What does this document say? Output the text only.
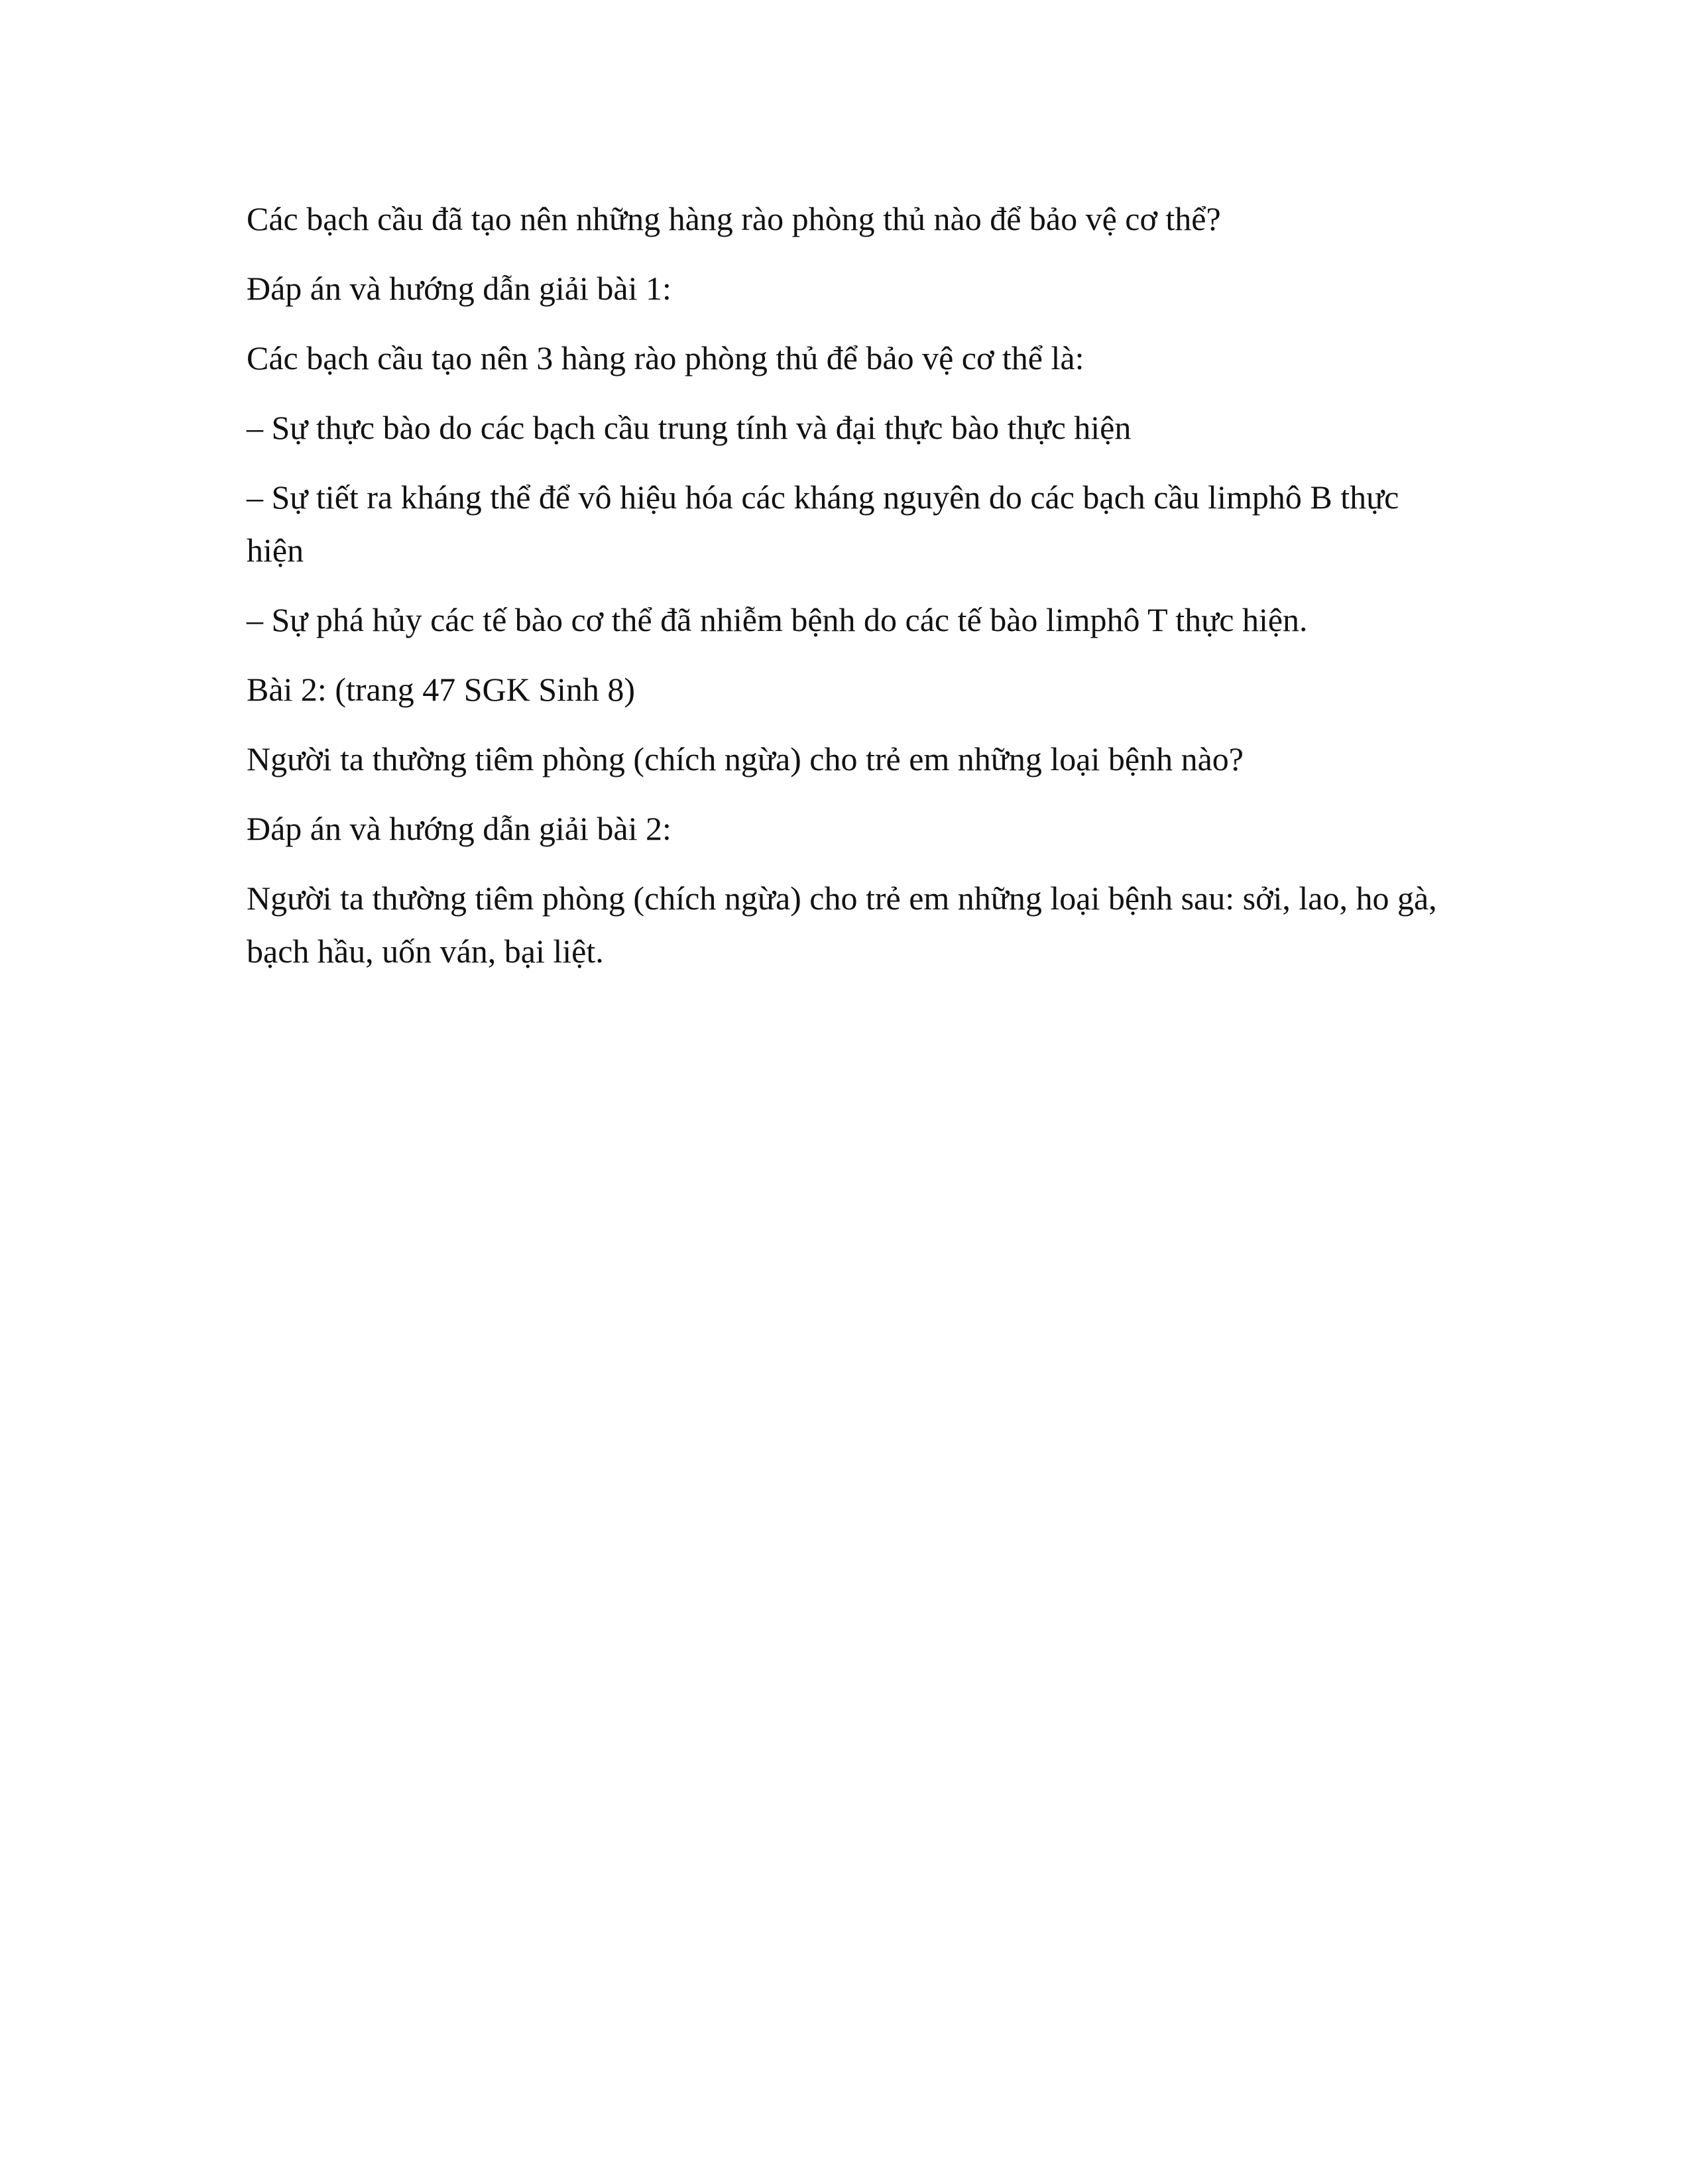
Các bạch cầu đã tạo nên những hàng rào phòng thủ nào để bảo vệ cơ thể?

Đáp án và hướng dẫn giải bài 1:

Các bạch cầu tạo nên 3 hàng rào phòng thủ để bảo vệ cơ thể là:

– Sự thực bào do các bạch cầu trung tính và đại thực bào thực hiện

– Sự tiết ra kháng thể để vô hiệu hóa các kháng nguyên do các bạch cầu limphô B thực hiện

– Sự phá hủy các tế bào cơ thể đã nhiễm bệnh do các tế bào limphô T thực hiện.

Bài 2: (trang 47 SGK Sinh 8)

Người ta thường tiêm phòng (chích ngừa) cho trẻ em những loại bệnh nào?

Đáp án và hướng dẫn giải bài 2:

Người ta thường tiêm phòng (chích ngừa) cho trẻ em những loại bệnh sau: sởi, lao, ho gà, bạch hầu, uốn ván, bại liệt.
